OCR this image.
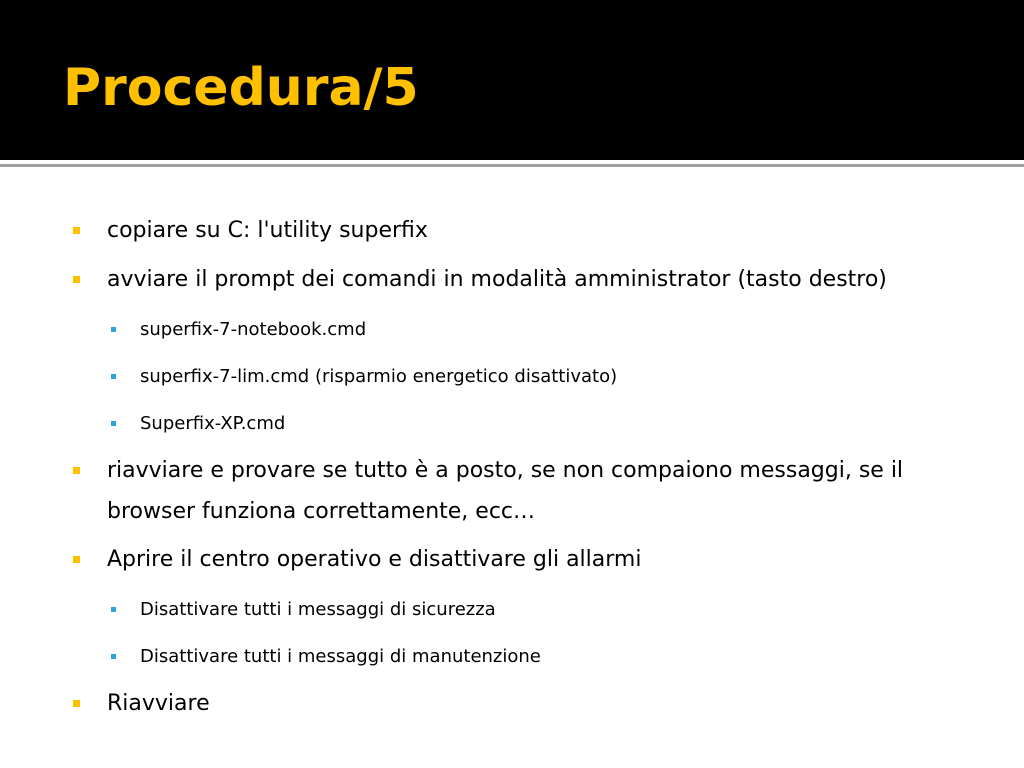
Procedura/5
copiare su C: l'utility superfix
avviare il prompt dei comandi in modalità amministrator (tasto destro)
superfix-7-notebook.cmd
superfix-7-lim.cmd (risparmio energetico disattivato)
Superfix-XP.cmd
riavviare e provare se tutto è a posto, se non compaiono messaggi, se il browser funziona correttamente, ecc…
Aprire il centro operativo e disattivare gli allarmi
Disattivare tutti i messaggi di sicurezza
Disattivare tutti i messaggi di manutenzione
Riavviare
